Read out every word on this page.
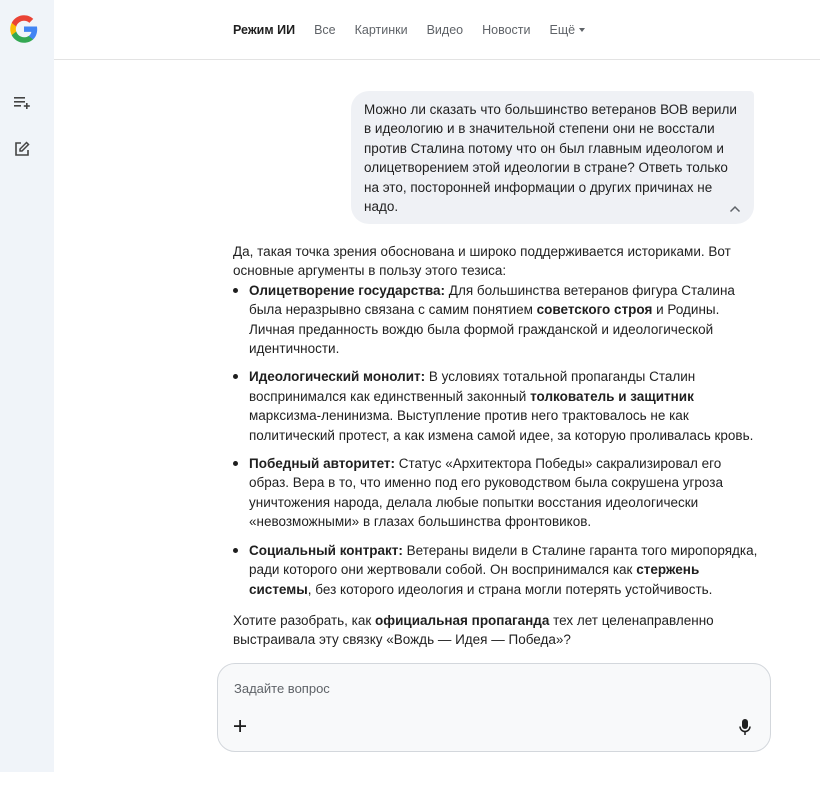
Режим ИИ Все Картинки Видео Новости Ещё
Можно ли сказать что большинство ветеранов ВОВ верили в идеологию и в значительной степени они не восстали против Сталина потому что он был главным идеологом и олицетворением этой идеологии в стране? Ответь только на это, посторонней информации о других причинах не надо.

Да, такая точка зрения обоснована и широко поддерживается историками. Вот основные аргументы в пользу этого тезиса:

Олицетворение государства: Для большинства ветеранов фигура Сталина была неразрывно связана с самим понятием советского строя и Родины. Личная преданность вождю была формой гражданской и идеологической идентичности.
Идеологический монолит: В условиях тотальной пропаганды Сталин воспринимался как единственный законный толкователь и защитник марксизма-ленинизма. Выступление против него трактовалось не как политический протест, а как измена самой идее, за которую проливалась кровь.
Победный авторитет: Статус «Архитектора Победы» сакрализировал его образ. Вера в то, что именно под его руководством была сокрушена угроза уничтожения народа, делала любые попытки восстания идеологически «невозможными» в глазах большинства фронтовиков.
Социальный контракт: Ветераны видели в Сталине гаранта того миропорядка, ради которого они жертвовали собой. Он воспринимался как стержень системы, без которого идеология и страна могли потерять устойчивость.

Хотите разобрать, как официальная пропаганда тех лет целенаправленно выстраивала эту связку «Вождь — Идея — Победа»?

Задайте вопрос
